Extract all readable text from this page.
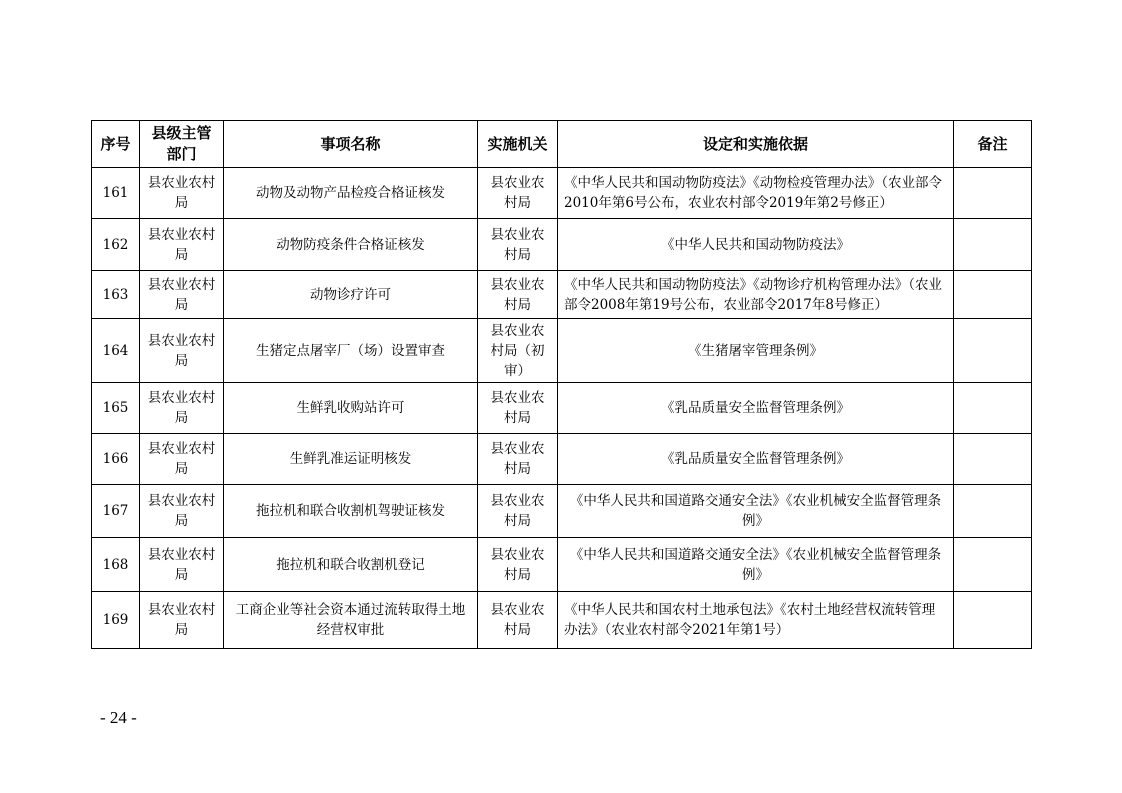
序号	县级主管部门	事项名称	实施机关	设定和实施依据	备注
161	县农业农村局	动物及动物产品检疫合格证核发	县农业农村局	《中华人民共和国动物防疫法》《动物检疫管理办法》（农业部令2010年第6号公布，农业农村部令2019年第2号修正）	
162	县农业农村局	动物防疫条件合格证核发	县农业农村局	《中华人民共和国动物防疫法》	
163	县农业农村局	动物诊疗许可	县农业农村局	《中华人民共和国动物防疫法》《动物诊疗机构管理办法》（农业部令2008年第19号公布，农业部令2017年8号修正）	
164	县农业农村局	生猪定点屠宰厂（场）设置审查	县农业农村局（初审）	《生猪屠宰管理条例》	
165	县农业农村局	生鲜乳收购站许可	县农业农村局	《乳品质量安全监督管理条例》	
166	县农业农村局	生鲜乳准运证明核发	县农业农村局	《乳品质量安全监督管理条例》	
167	县农业农村局	拖拉机和联合收割机驾驶证核发	县农业农村局	《中华人民共和国道路交通安全法》《农业机械安全监督管理条例》	
168	县农业农村局	拖拉机和联合收割机登记	县农业农村局	《中华人民共和国道路交通安全法》《农业机械安全监督管理条例》	
169	县农业农村局	工商企业等社会资本通过流转取得土地经营权审批	县农业农村局	《中华人民共和国农村土地承包法》《农村土地经营权流转管理办法》（农业农村部令2021年第1号）	
- 24 -
